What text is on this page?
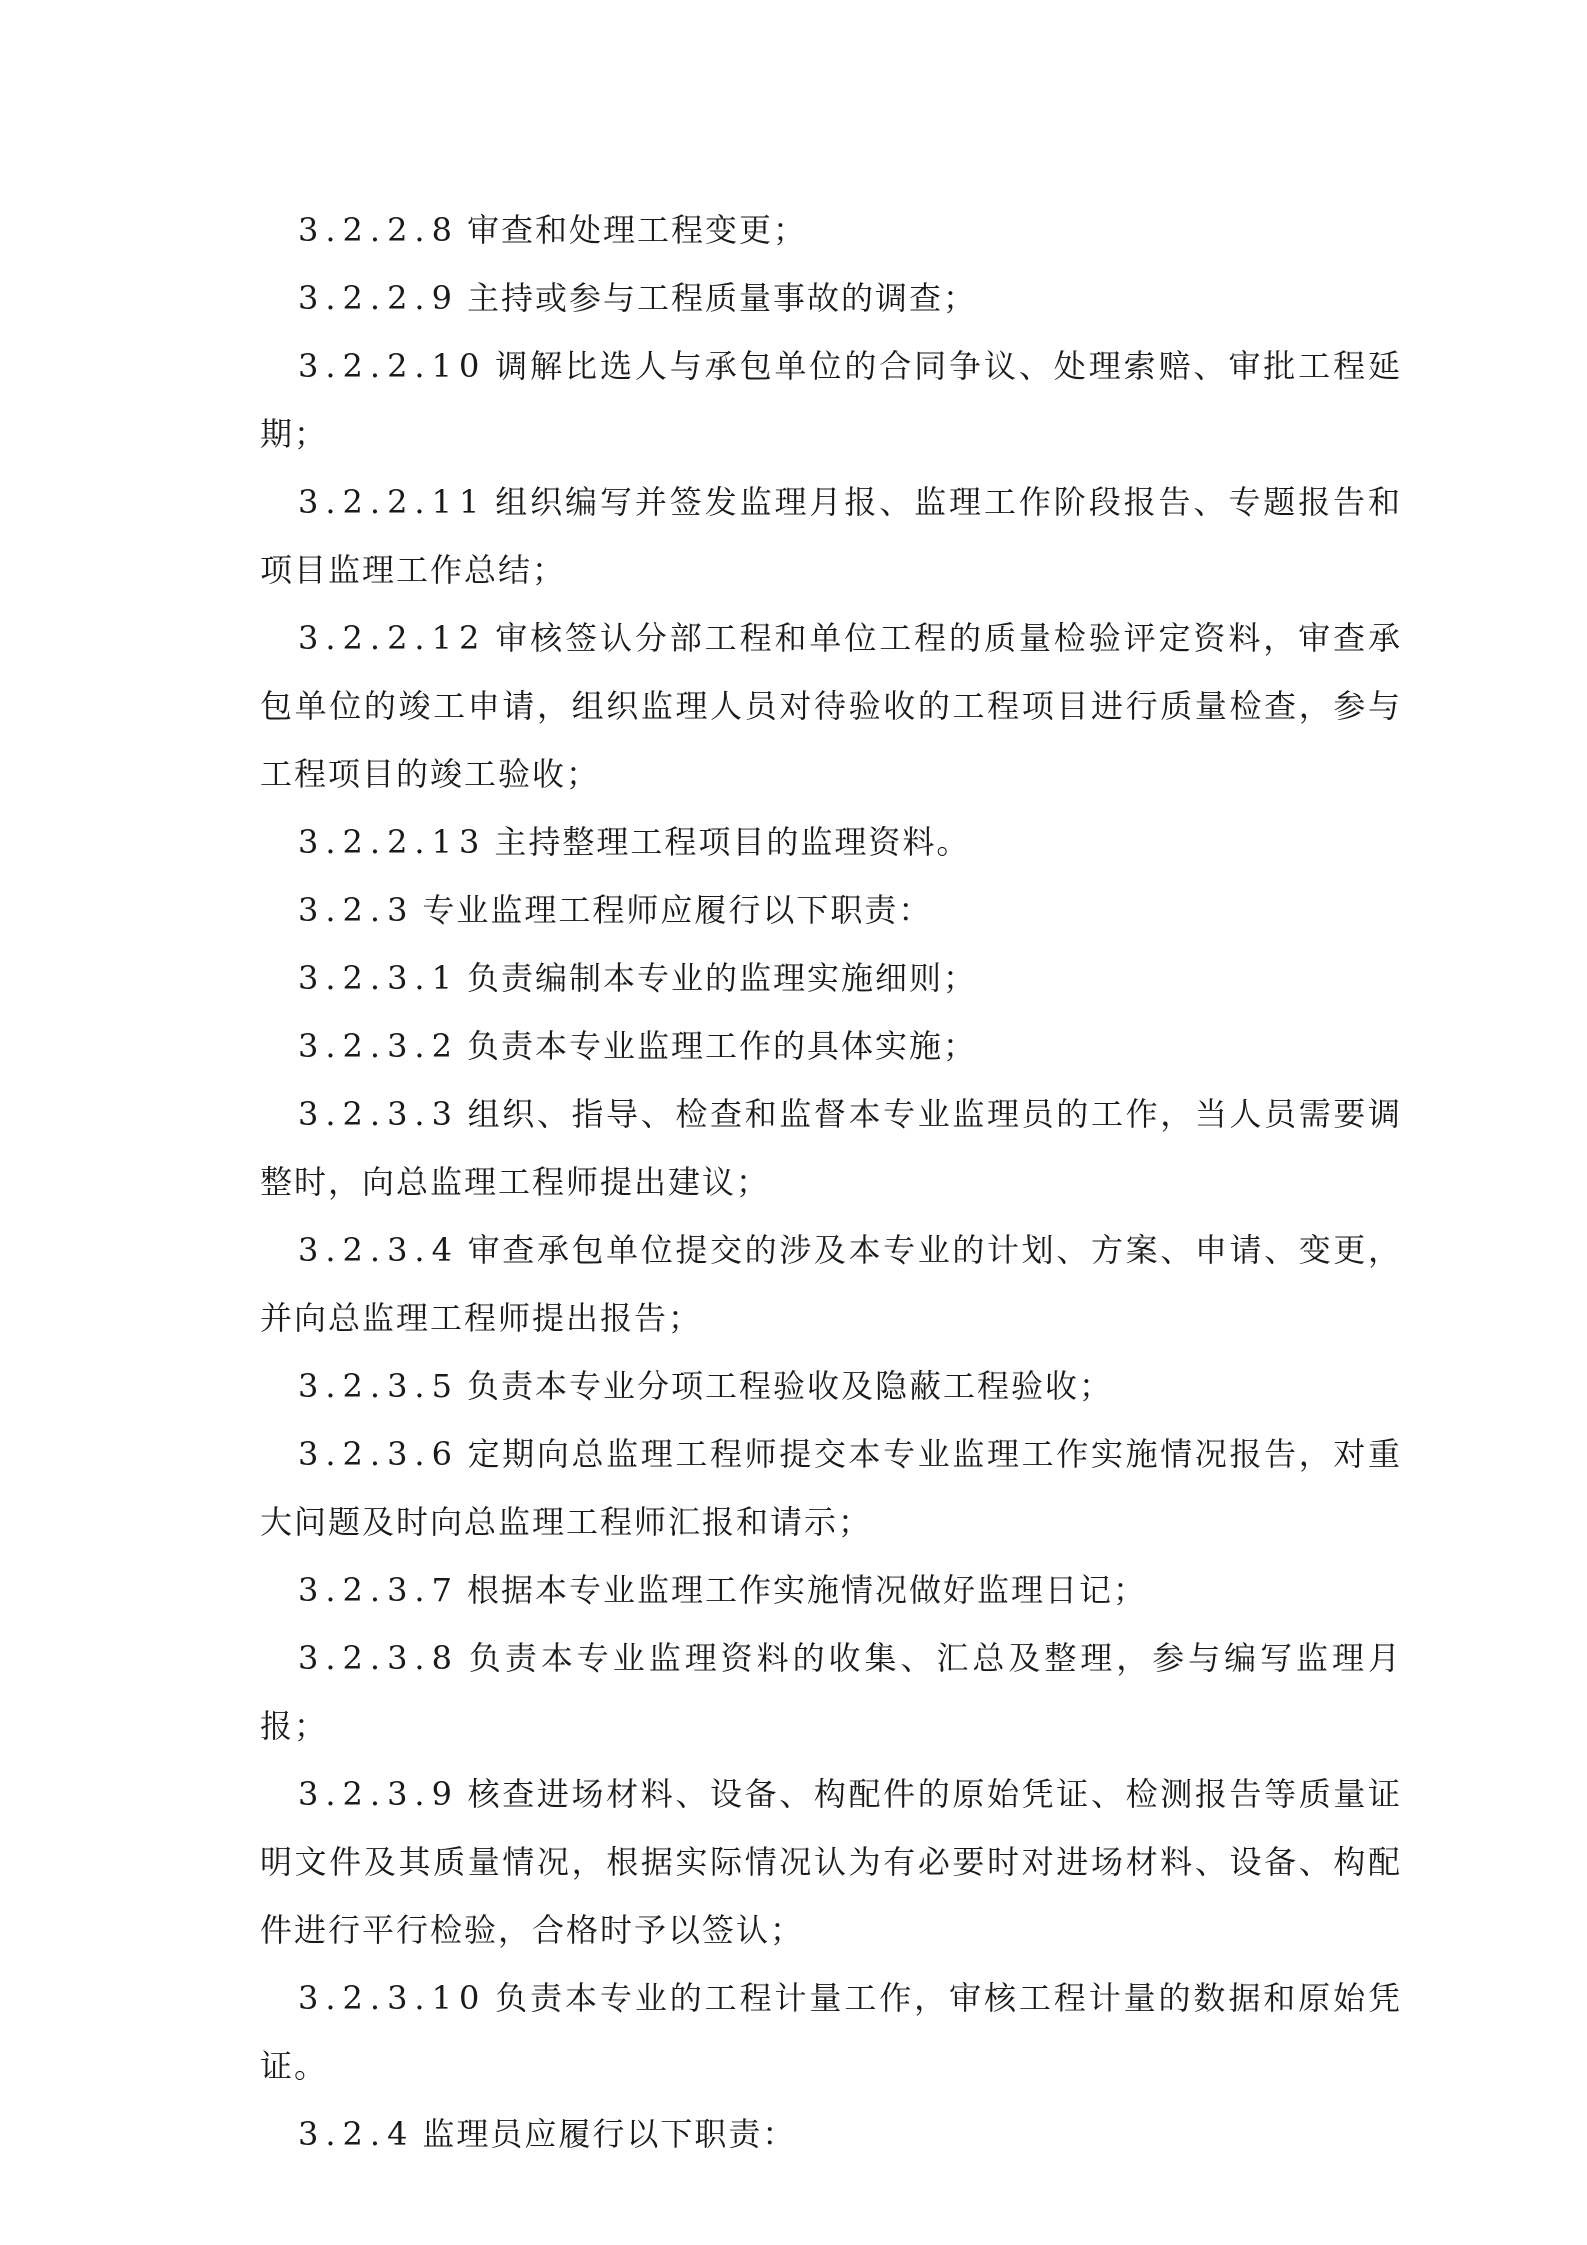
3.2.2.8 审查和处理工程变更；

3.2.2.9 主持或参与工程质量事故的调查；

3.2.2.10 调解比选人与承包单位的合同争议、处理索赔、审批工程延期；

3.2.2.11 组织编写并签发监理月报、监理工作阶段报告、专题报告和项目监理工作总结；

3.2.2.12 审核签认分部工程和单位工程的质量检验评定资料，审查承包单位的竣工申请，组织监理人员对待验收的工程项目进行质量检查，参与工程项目的竣工验收；

3.2.2.13 主持整理工程项目的监理资料。

3.2.3 专业监理工程师应履行以下职责：

3.2.3.1 负责编制本专业的监理实施细则；

3.2.3.2 负责本专业监理工作的具体实施；

3.2.3.3 组织、指导、检查和监督本专业监理员的工作，当人员需要调整时，向总监理工程师提出建议；

3.2.3.4 审查承包单位提交的涉及本专业的计划、方案、申请、变更，并向总监理工程师提出报告；

3.2.3.5 负责本专业分项工程验收及隐蔽工程验收；

3.2.3.6 定期向总监理工程师提交本专业监理工作实施情况报告，对重大问题及时向总监理工程师汇报和请示；

3.2.3.7 根据本专业监理工作实施情况做好监理日记；

3.2.3.8 负责本专业监理资料的收集、汇总及整理，参与编写监理月报；

3.2.3.9 核查进场材料、设备、构配件的原始凭证、检测报告等质量证明文件及其质量情况，根据实际情况认为有必要时对进场材料、设备、构配件进行平行检验，合格时予以签认；

3.2.3.10 负责本专业的工程计量工作，审核工程计量的数据和原始凭证。

3.2.4 监理员应履行以下职责：
